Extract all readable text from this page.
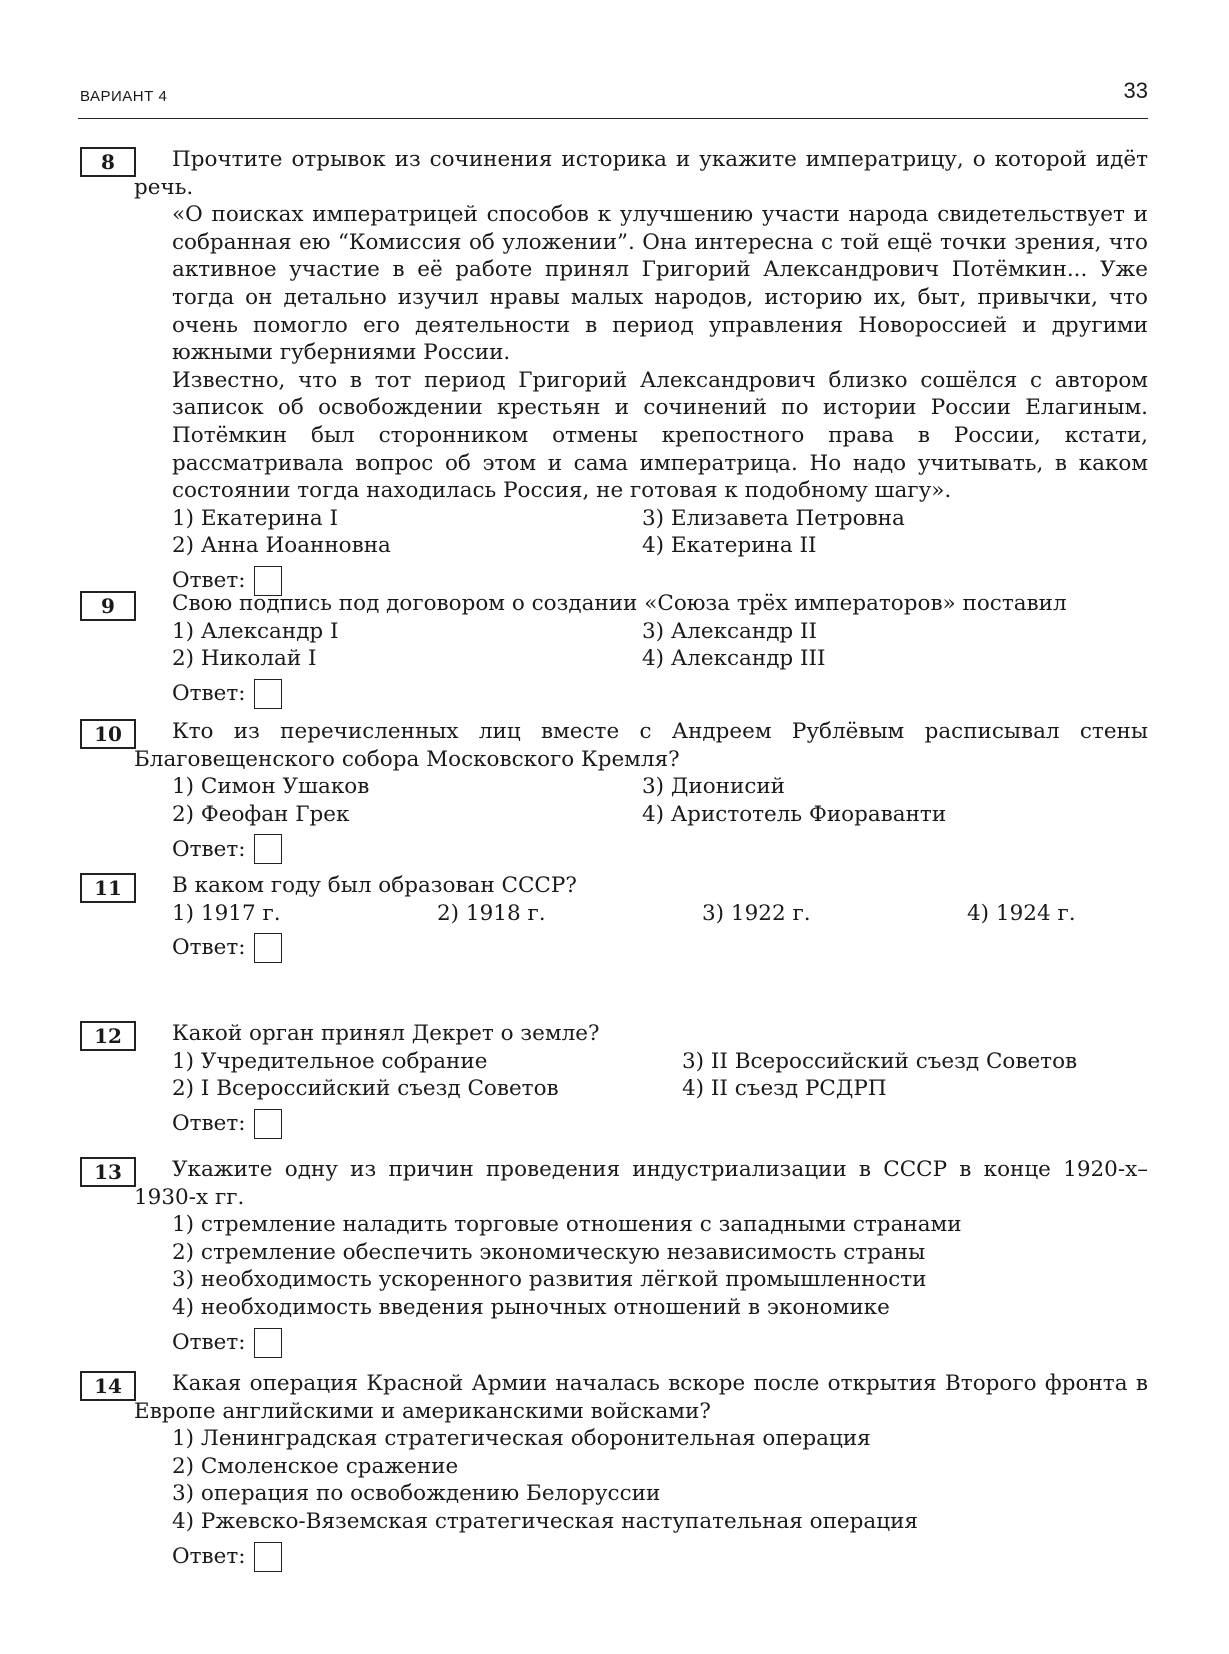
ВАРИАНТ 4	33
8	Прочтите отрывок из сочинения историка и укажите императрицу, о которой идёт речь.

«О поисках императрицей способов к улучшению участи народа свидетельствует и собранная ею “Комиссия об уложении”. Она интересна с той ещё точки зрения, что активное участие в её работе принял Григорий Александрович Потёмкин... Уже тогда он детально изучил нравы малых народов, историю их, быт, привычки, что очень помогло его деятельности в период управления Новороссией и другими южными губерниями России.

Известно, что в тот период Григорий Александрович близко сошёлся с автором записок об освобождении крестьян и сочинений по истории России Елагиным. Потёмкин был сторонником отмены крепостного права в России, кстати, рассматривала вопрос об этом и сама императрица. Но надо учитывать, в каком состоянии тогда находилась Россия, не готовая к подобному шагу».

1) Екатерина I	3) Елизавета Петровна
2) Анна Иоанновна	4) Екатерина II
Ответ:
9	Свою подпись под договором о создании «Союза трёх императоров» поставил
1) Александр I	3) Александр II
2) Николай I	4) Александр III
Ответ:
10	Кто из перечисленных лиц вместе с Андреем Рублёвым расписывал стены Благовещенского собора Московского Кремля?
1) Симон Ушаков	3) Дионисий
2) Феофан Грек	4) Аристотель Фиораванти
Ответ:
11	В каком году был образован СССР?
1) 1917 г.	2) 1918 г.	3) 1922 г.	4) 1924 г.
Ответ:
12	Какой орган принял Декрет о земле?
1) Учредительное собрание	3) II Всероссийский съезд Советов
2) I Всероссийский съезд Советов	4) II съезд РСДРП
Ответ:
13	Укажите одну из причин проведения индустриализации в СССР в конце 1920-х–1930-х гг.
1) стремление наладить торговые отношения с западными странами
2) стремление обеспечить экономическую независимость страны
3) необходимость ускоренного развития лёгкой промышленности
4) необходимость введения рыночных отношений в экономике
Ответ:
14	Какая операция Красной Армии началась вскоре после открытия Второго фронта в Европе английскими и американскими войсками?
1) Ленинградская стратегическая оборонительная операция
2) Смоленское сражение
3) операция по освобождению Белоруссии
4) Ржевско-Вяземская стратегическая наступательная операция
Ответ:
